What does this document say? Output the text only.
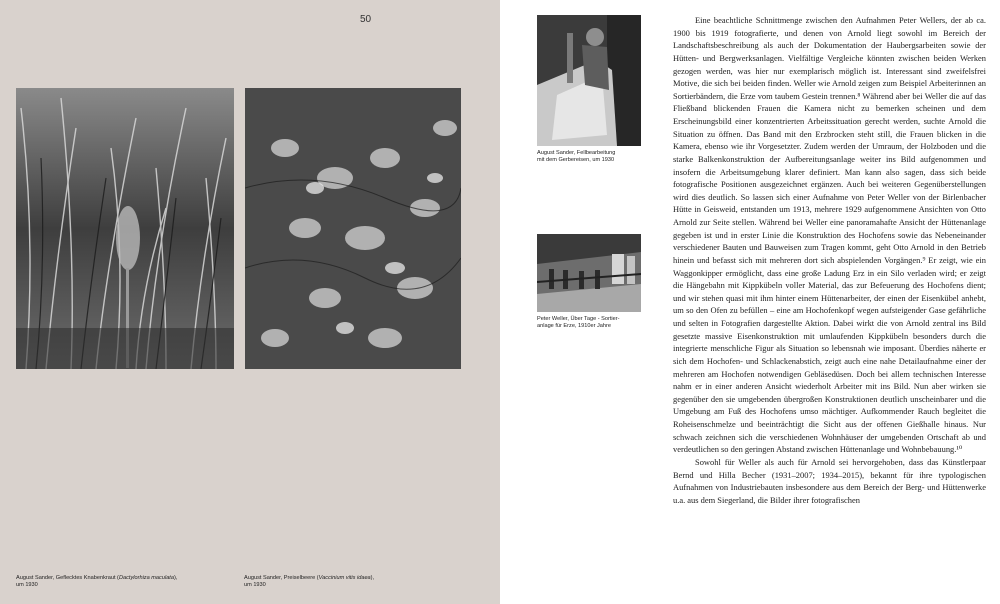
50
August Sander, Geflecktes Knabenkraut (Dactylorhiza maculata),
um 1930
August Sander, Preiselbeere (Vaccinium vitis idaea),
um 1930
August Sander, Fellbearbeitung
mit dem Gerbereisen, um 1930
Peter Weller, Über Tage - Sortier-
anlage für Erze, 1910er Jahre

Eine beachtliche Schnittmenge zwischen den Aufnahmen Peter Wellers, der ab ca. 1900 bis 1919 fotografierte, und denen von Arnold liegt sowohl im Bereich der Landschaftsbeschreibung als auch der Dokumentation der Haubergsarbeiten sowie der Hütten- und Bergwerksanlagen. Vielfältige Vergleiche könnten zwischen beiden Werken gezogen werden, was hier nur exemplarisch möglich ist. Interessant sind zweifelsfrei Motive, die sich bei beiden finden. Weller wie Arnold zeigen zum Beispiel Arbeiterinnen an Sortierbändern, die Erze vom taubem Gestein trennen.⁸ Während aber bei Weller die auf das Fließband blickenden Frauen die Kamera nicht zu bemerken scheinen und dem Erscheinungsbild einer konzentrierten Arbeitssituation gerecht werden, suchte Arnold die Situation zu öffnen. Das Band mit den Erzbrocken steht still, die Frauen blicken in die Kamera, ebenso wie ihr Vorgesetzter. Zudem werden der Umraum, der Holzboden und die starke Balkenkonstruktion der Aufbereitungsanlage weiter ins Bild aufgenommen und insofern die Arbeitsumgebung klarer definiert. Man kann also sagen, dass sich beide fotografische Positionen ausgezeichnet ergänzen. Auch bei weiteren Gegenüberstellungen wird dies deutlich. So lassen sich einer Aufnahme von Peter Weller von der Birlenbacher Hütte in Geisweid, entstanden um 1913, mehrere 1929 aufgenommene Ansichten von Otto Arnold zur Seite stellen. Während bei Weller eine panoramahafte Ansicht der Hüttenanlage gegeben ist und in erster Linie die Konstruktion des Hochofens sowie das Nebeneinander verschiedener Bauten und Bauweisen zum Tragen kommt, geht Otto Arnold in den Betrieb hinein und befasst sich mit mehreren dort sich abspielenden Vorgängen.⁹ Er zeigt, wie ein Waggonkipper ermöglicht, dass eine große Ladung Erz in ein Silo verladen wird; er zeigt die Hängebahn mit Kippkübeln voller Material, das zur Befeuerung des Hochofens dient; und wir stehen quasi mit ihm hinter einem Hüttenarbeiter, der einen der Eisenkübel anhebt, um so den Ofen zu befüllen – eine am Hochofenkopf wegen aufsteigender Gase gefährliche und selten in Fotografien dargestellte Aktion. Dabei wirkt die von Arnold zentral ins Bild gesetzte massive Eisenkonstruktion mit umlaufenden Kippkübeln besonders durch die integrierte menschliche Figur als Situation so lebensnah wie imposant. Überdies näherte er sich dem Hochofen- und Schlackenabstich, zeigt auch eine nahe Detailaufnahme einer der mehreren am Hochofen notwendigen Gebläsedüsen. Doch bei allem technischen Interesse nahm er in einer anderen Ansicht wiederholt Arbeiter mit ins Bild. Nun aber wirken sie gegenüber den sie umgebenden übergroßen Konstruktionen deutlich unscheinbarer und die Umgebung am Fuß des Hochofens umso mächtiger. Aufkommender Rauch begleitet die Roheisenschmelze und beeinträchtigt die Sicht aus der offenen Gießhalle hinaus. Nur schwach zeichnen sich die verschiedenen Wohnhäuser der umgebenden Ortschaft ab und verdeutlichen so den geringen Abstand zwischen Hüttenanlage und Wohnbebauung.¹⁰

Sowohl für Weller als auch für Arnold sei hervorgehoben, dass das Künstlerpaar Bernd und Hilla Becher (1931–2007; 1934–2015), bekannt für ihre typologischen Aufnahmen von Industriebauten insbesondere aus dem Bereich der Berg- und Hüttenwerke u.a. aus dem Siegerland, die Bilder ihrer fotografischen
